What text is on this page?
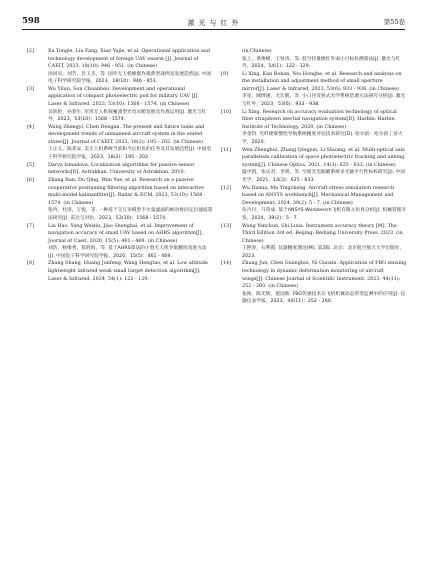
598	激 光 与 红 外	第55卷
[2]	Xu Tongle, Liu Fang, Xiao Yujie, et al. Operational application and technology development of foreign UAV swarm [J]. Journal of CAEIT, 2023, 18(10): 946 - 951. (in Chinese)
徐同乐，刘芳，肖玉杰，等. 国外无人机蜂群作战典型战例及发展趋势[J]. 中国电子科学研究院学报，2023，18(10)：946 - 951.
[3]	Wu Yilun, Sun Chuanbeu. Development and operational application of compact photoelectric pod for military UAV [J]. Laser & Infrared, 2023, 53(10): 1568 - 1574. (in Chinese)
吴轶伦，孙春生. 军用无人机载紧凑型光电吊舱发展及作战运用[J]. 激光与红外，2023，53(10)：1568 - 1574.
[4]	Wang Zhengyi, Chen Dengan. The present and future tasks and development trends of unmanned aircraft system in the united states[J]. Journal of CAEIT, 2023, 18(2): 195 - 202. (in Chinese)
王正义，陈邓安. 美无人机系统当前和今后担负的任务及其发展趋势[J]. 中国电子科学研究院学报，2023，18(2)：195 - 202.
[5]	Darya Ismailova. Localization algorithms for passive sensor networks[D]. Astrakhan. University of Astrakhan, 2010.
[6]	Zhang Ran, Du Qing, Wan Yue, et al. Research on a passive cooperative positioning filtering algorithm based on interactive multi-model kalmanfilter[J]. Radar & ECM, 2023, 53(10): 1568 - 1574. (in Chinese)
张冉，杜清，万悦，等. 一种基于交互多模型卡尔曼滤波的被动协同定位滤波算法研究[J]. 雷达与对抗，2023，53(10)：1568 - 1574.
[7]	Liu Hao, Yang Weixiu, Jiao Shenghai, et al. Improvement of navigation accuracy of small UAV based on AHRS algorithm[J]. Journal of Caeit, 2020, 15(5): 461 - 469. (in Chinese)
刘浩，杨维秀，焦胜海，等. 基于AHRS算法的小型无人机导航精度改进方法[J]. 中国电子科学研究院学报，2020，15(5)：461 - 469.
[8]	Zhang Shang, Huang Junfeng, Wang Hengtao, et al. Low altitude lightweight infrared weak small target detection algorithm[J]. Laser & Infrared, 2024, 54(1): 122 - 129.
(in Chinese)
张上，黄俊峰，王恒涛，等. 低空轻量级红外弱小目标检测算法[J]. 激光与红外，2024，54(1)：122 - 129.
[9]	Li Xing, Kan Bohan, You Honghe, et al. Research and analysis on the installation and adjustment method of small aperture mirror[J]. Laser & Infrared, 2023, 53(6): 933 - 938. (in Chinese)
李星，阚博涵，尤宏鹤，等. 小口径反射式光学系统装调方法研究分析[J]. 激光与红外，2023，53(6)：933 - 938.
[10] Li Xing. Research on accuracy evaluation technology of optical fiber strapdown inertial navigation system[D]. Harbin: Harbin Institute of Technology, 2020. (in Chinese)
李金钊. 光纤捷联惯性导航系统精度评估技术研究[D]. 哈尔滨：哈尔滨工业大学，2020.
[11] Wen Zhenghui, Zhang Qingjun, Li Shuang, et al. Multi-optical axis parallelism calibration of space photoelectric tracking and aiming system[J]. Chinese Optics, 2021, 14(3): 625 - 633. (in Chinese)
温中凯，张庆君，李爽，等. 空间光电跟瞄系统多光轴平行性标校研究[J]. 中国光学，2021，14(3)：625 - 633.
[12] Wu Damia, Ma Yingcheng. Aircraft stress simulation research based on ANSYS workbench[J]. Mechanical Management and Development, 2024, 39(2): 5 - 7. (in Chinese)
伍丹丹，马英成. 基于ANSYS Workbench飞机有限元仿真分析[J]. 机械管理开发，2024，39(2)：5 - 7.
[13] Wang Yanchun, Shi Lixia. Instrument accuracy theory [M]. The Third Edition 3rd ed. Beijing: Beihang University Press, 2023. (in Chinese)
王艳春，石利霞. 仪器精度理论[M]. 第3版. 北京：北京航空航天大学出版社，2023.
[14] Zhang Jun, Chen Guanghui, Ni Guoxin. Application of FBG sensing technology in dynamic deformation monitoring of aircraft wings[J]. Chinese Journal of Scientific Instrument, 2023, 44(11): 252 - 260. (in Chinese)
张俊，陈光辉，倪国新. FBG传感技术在飞机机翼动态形变监测中的应用[J]. 仪器仪表学报，2023，44(11)：252 - 260.
